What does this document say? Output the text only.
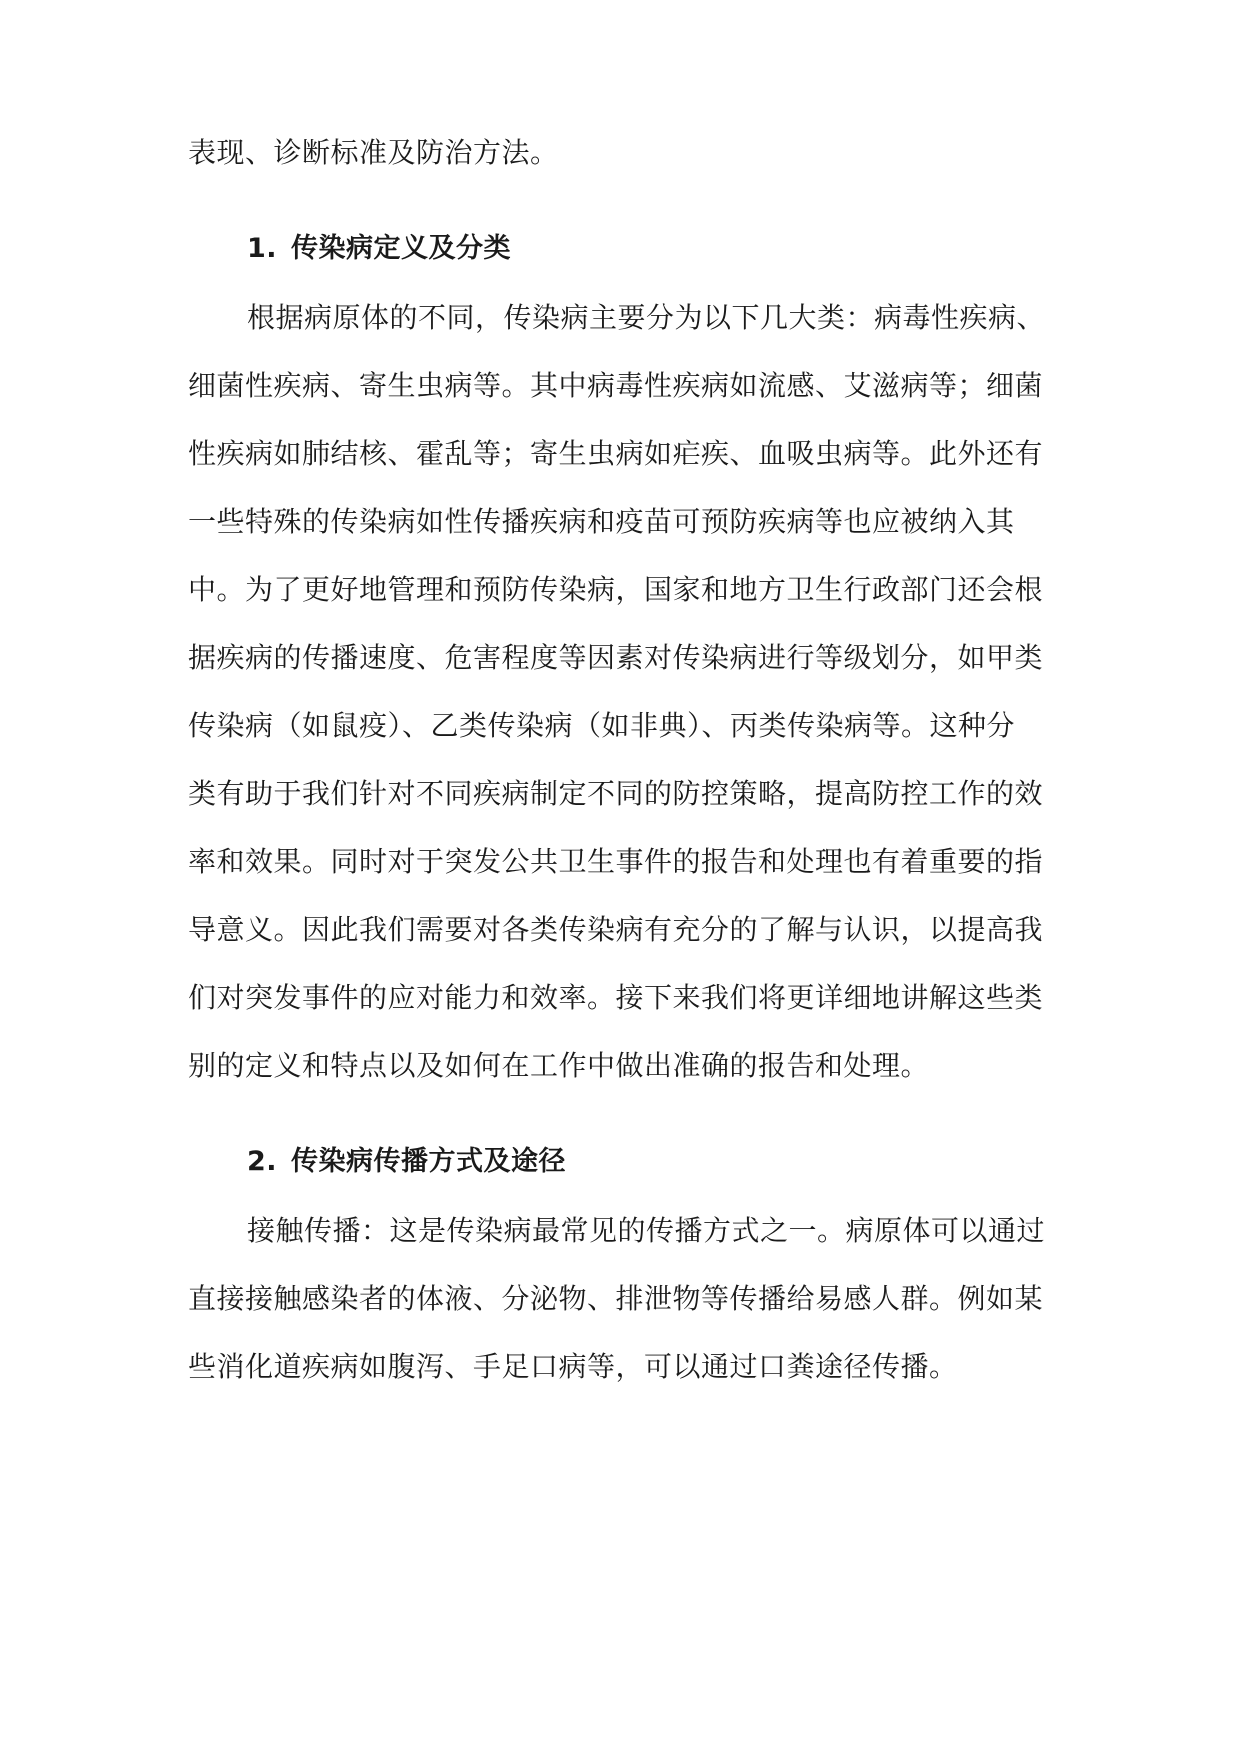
表现、诊断标准及防治方法。
1. 传染病定义及分类
根据病原体的不同，传染病主要分为以下几大类：病毒性疾病、
细菌性疾病、寄生虫病等。其中病毒性疾病如流感、艾滋病等；细菌
性疾病如肺结核、霍乱等；寄生虫病如疟疾、血吸虫病等。此外还有
一些特殊的传染病如性传播疾病和疫苗可预防疾病等也应被纳入其
中。为了更好地管理和预防传染病，国家和地方卫生行政部门还会根
据疾病的传播速度、危害程度等因素对传染病进行等级划分，如甲类
传染病（如鼠疫）、乙类传染病（如非典）、丙类传染病等。这种分
类有助于我们针对不同疾病制定不同的防控策略，提高防控工作的效
率和效果。同时对于突发公共卫生事件的报告和处理也有着重要的指
导意义。因此我们需要对各类传染病有充分的了解与认识，以提高我
们对突发事件的应对能力和效率。接下来我们将更详细地讲解这些类
别的定义和特点以及如何在工作中做出准确的报告和处理。
2. 传染病传播方式及途径
接触传播：这是传染病最常见的传播方式之一。病原体可以通过
直接接触感染者的体液、分泌物、排泄物等传播给易感人群。例如某
些消化道疾病如腹泻、手足口病等，可以通过口粪途径传播。
